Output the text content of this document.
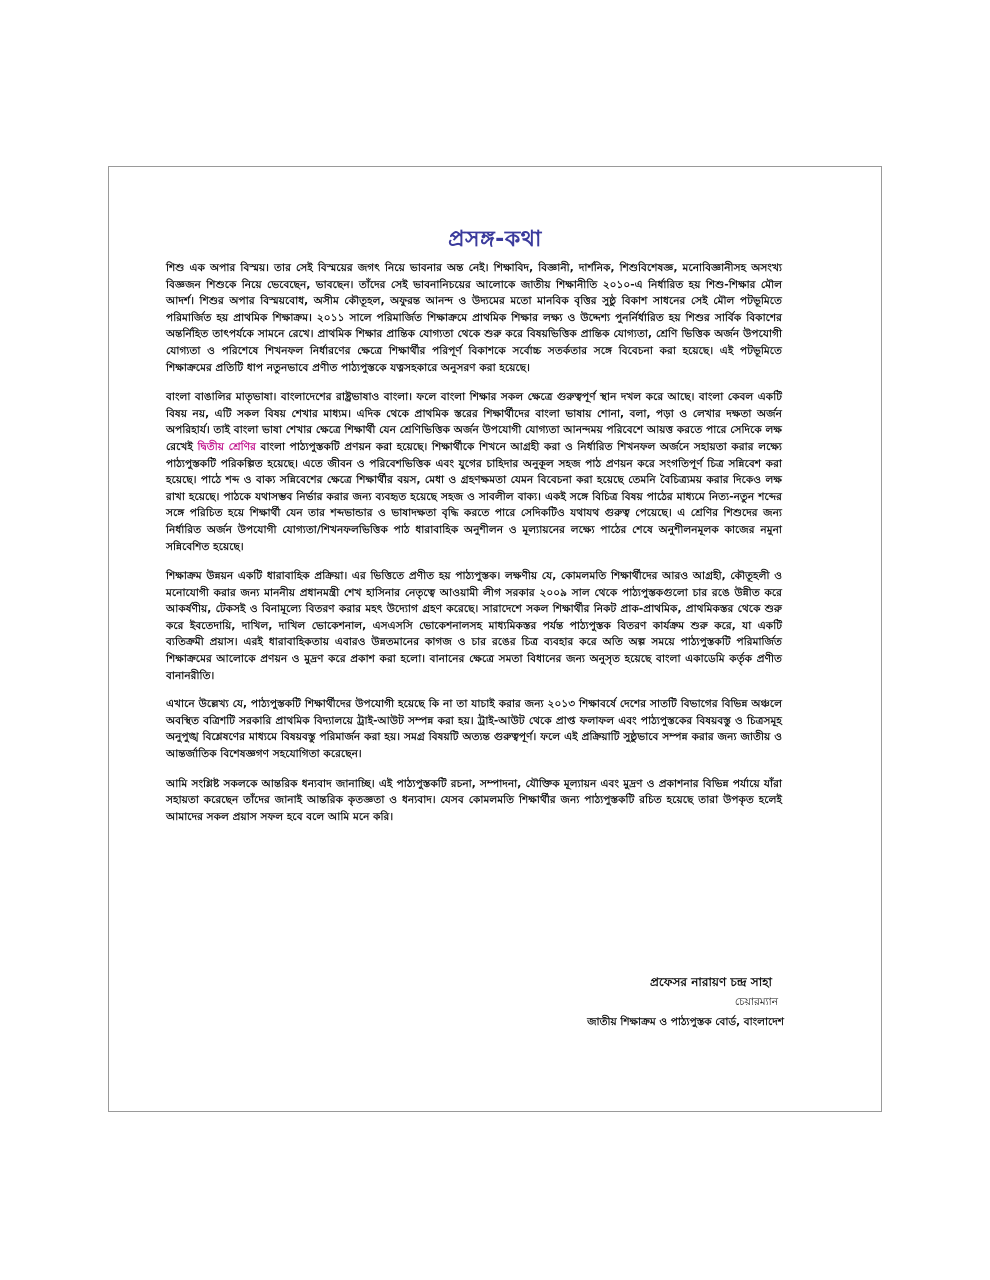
প্রসঙ্গ-কথা

শিশু এক অপার বিস্ময়। তার সেই বিস্ময়ের জগৎ নিয়ে ভাবনার অন্ত নেই। শিক্ষাবিদ, বিজ্ঞানী, দার্শনিক, শিশুবিশেষজ্ঞ, মনোবিজ্ঞানীসহ অসংখ্য বিজ্ঞজন শিশুকে নিয়ে ভেবেছেন, ভাবছেন। তাঁদের সেই ভাবনানিচয়ের আলোকে জাতীয় শিক্ষানীতি ২০১০-এ নির্ধারিত হয় শিশু-শিক্ষার মৌল আদর্শ। শিশুর অপার বিস্ময়বোধ, অসীম কৌতূহল, অফুরন্ত আনন্দ ও উদ্যমের মতো মানবিক বৃত্তির সুষ্ঠু বিকাশ সাধনের সেই মৌল পটভূমিতে পরিমার্জিত হয় প্রাথমিক শিক্ষাক্রম। ২০১১ সালে পরিমার্জিত শিক্ষাক্রমে প্রাথমিক শিক্ষার লক্ষ্য ও উদ্দেশ্য পুনর্নির্ধারিত হয় শিশুর সার্বিক বিকাশের অন্তর্নিহিত তাৎপর্যকে সামনে রেখে। প্রাথমিক শিক্ষার প্রান্তিক যোগ্যতা থেকে শুরু করে বিষয়ভিত্তিক প্রান্তিক যোগ্যতা, শ্রেণি ভিত্তিক অর্জন উপযোগী যোগ্যতা ও পরিশেষে শিখনফল নির্ধারণের ক্ষেত্রে শিক্ষার্থীর পরিপূর্ণ বিকাশকে সর্বোচ্চ সতর্কতার সঙ্গে বিবেচনা করা হয়েছে। এই পটভূমিতে শিক্ষাক্রমের প্রতিটি ধাপ নতুনভাবে প্রণীত পাঠ্যপুস্তকে যত্নসহকারে অনুসরণ করা হয়েছে।

বাংলা বাঙালির মাতৃভাষা। বাংলাদেশের রাষ্ট্রভাষাও বাংলা। ফলে বাংলা শিক্ষার সকল ক্ষেত্রে গুরুত্বপূর্ণ স্থান দখল করে আছে। বাংলা কেবল একটি বিষয় নয়, এটি সকল বিষয় শেখার মাধ্যম। এদিক থেকে প্রাথমিক স্তরের শিক্ষার্থীদের বাংলা ভাষায় শোনা, বলা, পড়া ও লেখার দক্ষতা অর্জন অপরিহার্য। তাই বাংলা ভাষা শেখার ক্ষেত্রে শিক্ষার্থী যেন শ্রেণিভিত্তিক অর্জন উপযোগী যোগ্যতা আনন্দময় পরিবেশে আয়ত্ত করতে পারে সেদিকে লক্ষ রেখেই দ্বিতীয় শ্রেণির বাংলা পাঠ্যপুস্তকটি প্রণয়ন করা হয়েছে। শিক্ষার্থীকে শিখনে আগ্রহী করা ও নির্ধারিত শিখনফল অর্জনে সহায়তা করার লক্ষ্যে পাঠ্যপুস্তকটি পরিকল্পিত হয়েছে। এতে জীবন ও পরিবেশভিত্তিক এবং যুগের চাহিদার অনুকূল সহজ পাঠ প্রণয়ন করে সংগতিপূর্ণ চিত্র সন্নিবেশ করা হয়েছে। পাঠে শব্দ ও বাক্য সন্নিবেশের ক্ষেত্রে শিক্ষার্থীর বয়স, মেধা ও গ্রহণক্ষমতা যেমন বিবেচনা করা হয়েছে তেমনি বৈচিত্র্যময় করার দিকেও লক্ষ রাখা হয়েছে। পাঠকে যথাসম্ভব নির্ভার করার জন্য ব্যবহৃত হয়েছে সহজ ও সাবলীল বাক্য। একই সঙ্গে বিচিত্র বিষয় পাঠের মাধ্যমে নিত্য-নতুন শব্দের সঙ্গে পরিচিত হয়ে শিক্ষার্থী যেন তার শব্দভান্ডার ও ভাষাদক্ষতা বৃদ্ধি করতে পারে সেদিকটিও যথাযথ গুরুত্ব পেয়েছে। এ শ্রেণির শিশুদের জন্য নির্ধারিত অর্জন উপযোগী যোগ্যতা/শিখনফলভিত্তিক পাঠ ধারাবাহিক অনুশীলন ও মূল্যায়নের লক্ষ্যে পাঠের শেষে অনুশীলনমূলক কাজের নমুনা সন্নিবেশিত হয়েছে।

শিক্ষাক্রম উন্নয়ন একটি ধারাবাহিক প্রক্রিয়া। এর ভিত্তিতে প্রণীত হয় পাঠ্যপুস্তক। লক্ষণীয় যে, কোমলমতি শিক্ষার্থীদের আরও আগ্রহী, কৌতূহলী ও মনোযোগী করার জন্য মাননীয় প্রধানমন্ত্রী শেখ হাসিনার নেতৃত্বে আওয়ামী লীগ সরকার ২০০৯ সাল থেকে পাঠ্যপুস্তকগুলো চার রঙে উন্নীত করে আকর্ষণীয়, টেকসই ও বিনামূল্যে বিতরণ করার মহৎ উদ্যোগ গ্রহণ করেছে। সারাদেশে সকল শিক্ষার্থীর নিকট প্রাক-প্রাথমিক, প্রাথমিকস্তর থেকে শুরু করে ইবতেদায়ি, দাখিল, দাখিল ভোকেশনাল, এসএসসি ভোকেশনালসহ মাধ্যমিকস্তর পর্যন্ত পাঠ্যপুস্তক বিতরণ কার্যক্রম শুরু করে, যা একটি ব্যতিক্রমী প্রয়াস। এরই ধারাবাহিকতায় এবারও উন্নতমানের কাগজ ও চার রঙের চিত্র ব্যবহার করে অতি অল্প সময়ে পাঠ্যপুস্তকটি পরিমার্জিত শিক্ষাক্রমের আলোকে প্রণয়ন ও মুদ্রণ করে প্রকাশ করা হলো। বানানের ক্ষেত্রে সমতা বিধানের জন্য অনুসৃত হয়েছে বাংলা একাডেমি কর্তৃক প্রণীত বানানরীতি।

এখানে উল্লেখ্য যে, পাঠ্যপুস্তকটি শিক্ষার্থীদের উপযোগী হয়েছে কি না তা যাচাই করার জন্য ২০১৩ শিক্ষাবর্ষে দেশের সাতটি বিভাগের বিভিন্ন অঞ্চলে অবস্থিত বত্রিশটি সরকারি প্রাথমিক বিদ্যালয়ে ট্রাই-আউট সম্পন্ন করা হয়। ট্রাই-আউট থেকে প্রাপ্ত ফলাফল এবং পাঠ্যপুস্তকের বিষয়বস্তু ও চিত্রসমূহ অনুপুঙ্খ বিশ্লেষণের মাধ্যমে বিষয়বস্তু পরিমার্জন করা হয়। সমগ্র বিষয়টি অত্যন্ত গুরুত্বপূর্ণ। ফলে এই প্রক্রিয়াটি সুষ্ঠুভাবে সম্পন্ন করার জন্য জাতীয় ও আন্তর্জাতিক বিশেষজ্ঞগণ সহযোগিতা করেছেন।

আমি সংশ্লিষ্ট সকলকে আন্তরিক ধন্যবাদ জানাচ্ছি। এই পাঠ্যপুস্তকটি রচনা, সম্পাদনা, যৌক্তিক মূল্যায়ন এবং মুদ্রণ ও প্রকাশনার বিভিন্ন পর্যায়ে যাঁরা সহায়তা করেছেন তাঁদের জানাই আন্তরিক কৃতজ্ঞতা ও ধন্যবাদ। যেসব কোমলমতি শিক্ষার্থীর জন্য পাঠ্যপুস্তকটি রচিত হয়েছে তারা উপকৃত হলেই আমাদের সকল প্রয়াস সফল হবে বলে আমি মনে করি।

প্রফেসর নারায়ণ চন্দ্র সাহা
চেয়ারম্যান
জাতীয় শিক্ষাক্রম ও পাঠ্যপুস্তক বোর্ড, বাংলাদেশ
